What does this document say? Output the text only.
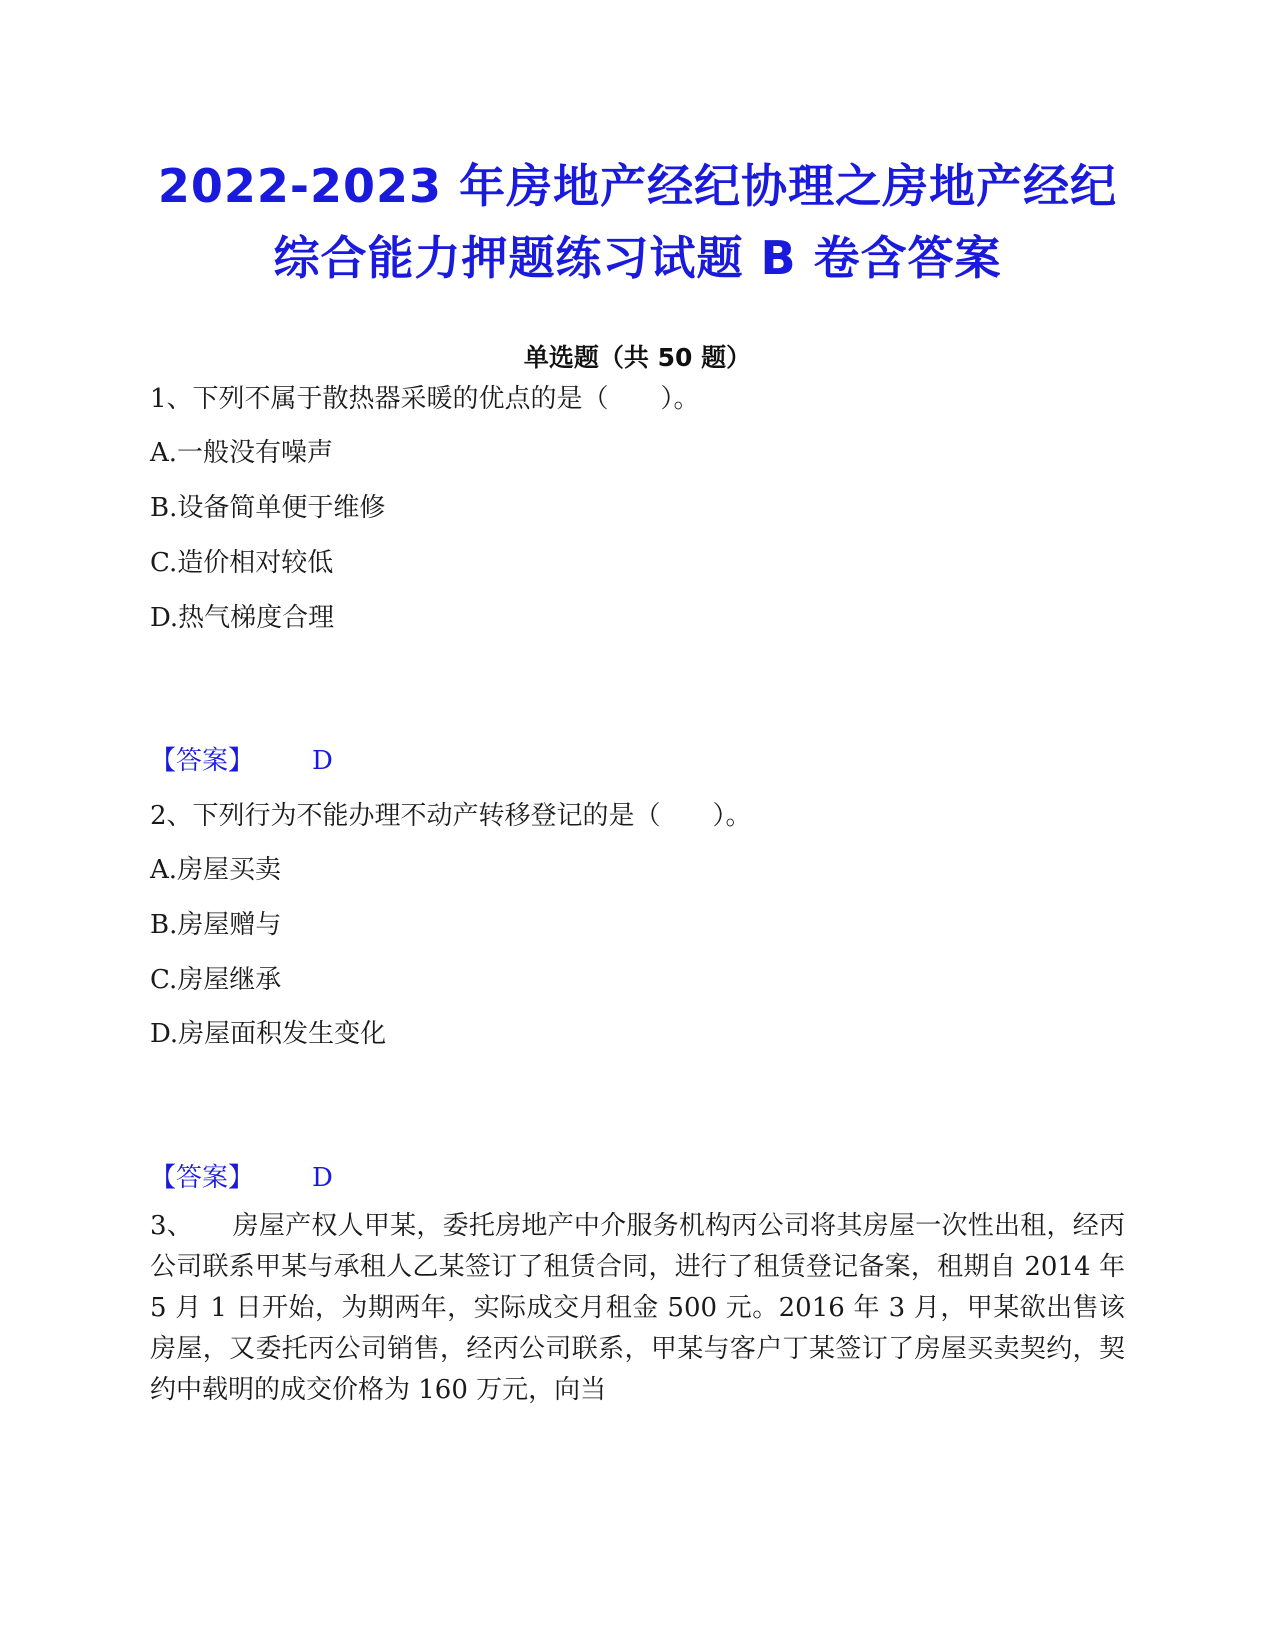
2022-2023 年房地产经纪协理之房地产经纪
综合能力押题练习试题 B 卷含答案
单选题（共 50 题）
1、下列不属于散热器采暖的优点的是（　　）。
A.一般没有噪声
B.设备简单便于维修
C.造价相对较低
D.热气梯度合理
【答案】 D
2、下列行为不能办理不动产转移登记的是（　　）。
A.房屋买卖
B.房屋赠与
C.房屋继承
D.房屋面积发生变化
【答案】 D
3、　　房屋产权人甲某，委托房地产中介服务机构丙公司将其房屋一次性出租，经丙公司联系甲某与承租人乙某签订了租赁合同，进行了租赁登记备案，租期自 2014 年 5 月 1 日开始，为期两年，实际成交月租金 500 元。2016 年 3 月，甲某欲出售该房屋，又委托丙公司销售，经丙公司联系，甲某与客户丁某签订了房屋买卖契约，契约中载明的成交价格为 160 万元，向当
